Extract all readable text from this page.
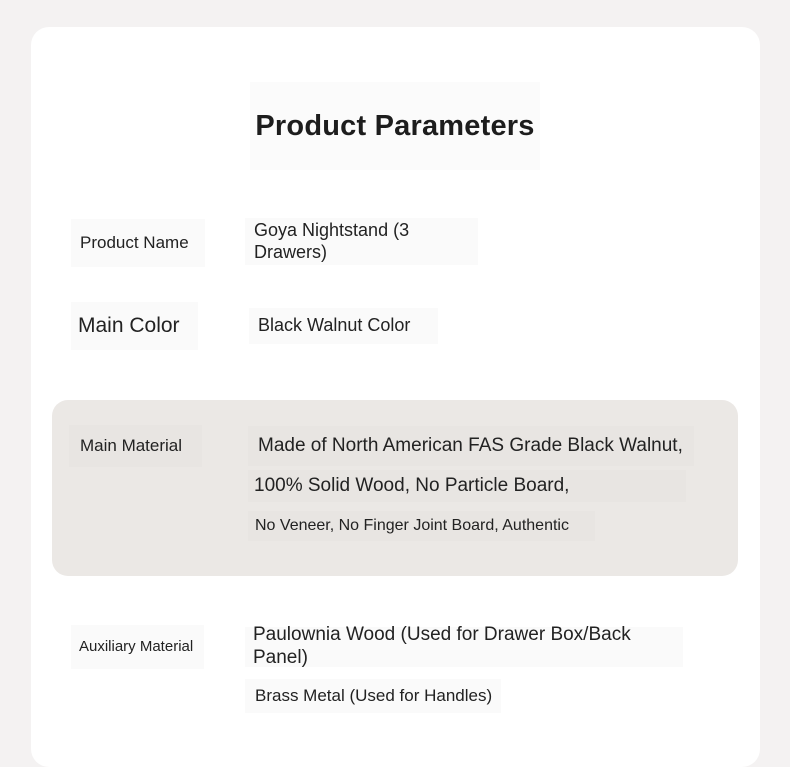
Product Parameters
Product Name
Goya Nightstand (3 Drawers)
Main Color	Black Walnut Color
Main Material	Made of North American FAS Grade Black Walnut,
100% Solid Wood, No Particle Board,
No Veneer, No Finger Joint Board, Authentic
Auxiliary Material
Paulownia Wood (Used for Drawer Box/Back Panel)
Brass Metal (Used for Handles)
